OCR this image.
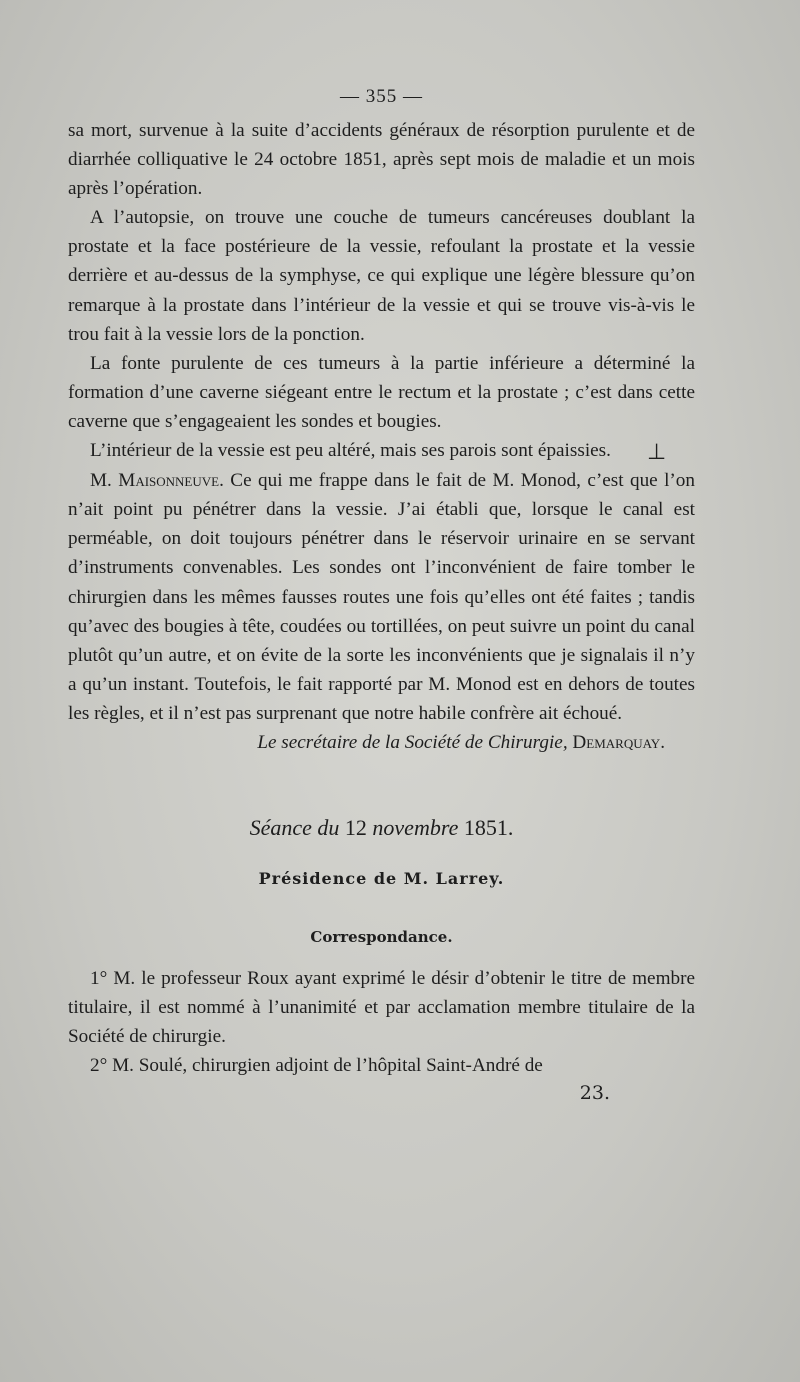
— 355 —

sa mort, survenue à la suite d’accidents généraux de résorption purulente et de diarrhée colliquative le 24 octobre 1851, après sept mois de maladie et un mois après l’opération.

A l’autopsie, on trouve une couche de tumeurs cancéreuses doublant la prostate et la face postérieure de la vessie, refoulant la prostate et la vessie derrière et au-dessus de la symphyse, ce qui explique une légère blessure qu’on remarque à la prostate dans l’intérieur de la vessie et qui se trouve vis-à-vis le trou fait à la vessie lors de la ponction.

La fonte purulente de ces tumeurs à la partie inférieure a déterminé la formation d’une caverne siégeant entre le rectum et la prostate ; c’est dans cette caverne que s’engageaient les sondes et bougies.

L’intérieur de la vessie est peu altéré, mais ses parois sont épaissies. ⊥

M. Maisonneuve. Ce qui me frappe dans le fait de M. Monod, c’est que l’on n’ait point pu pénétrer dans la vessie. J’ai établi que, lorsque le canal est perméable, on doit toujours pénétrer dans le réservoir urinaire en se servant d’instruments convenables. Les sondes ont l’inconvénient de faire tomber le chirurgien dans les mêmes fausses routes une fois qu’elles ont été faites ; tandis qu’avec des bougies à tête, coudées ou tortillées, on peut suivre un point du canal plutôt qu’un autre, et on évite de la sorte les inconvénients que je signalais il n’y a qu’un instant. Toutefois, le fait rapporté par M. Monod est en dehors de toutes les règles, et il n’est pas surprenant que notre habile confrère ait échoué.

Le secrétaire de la Société de Chirurgie, Demarquay.

Séance du 12 novembre 1851.
Présidence de M. Larrey.
Correspondance.

1° M. le professeur Roux ayant exprimé le désir d’obtenir le titre de membre titulaire, il est nommé à l’unanimité et par acclamation membre titulaire de la Société de chirurgie.

2° M. Soulé, chirurgien adjoint de l’hôpital Saint-André de

23.
